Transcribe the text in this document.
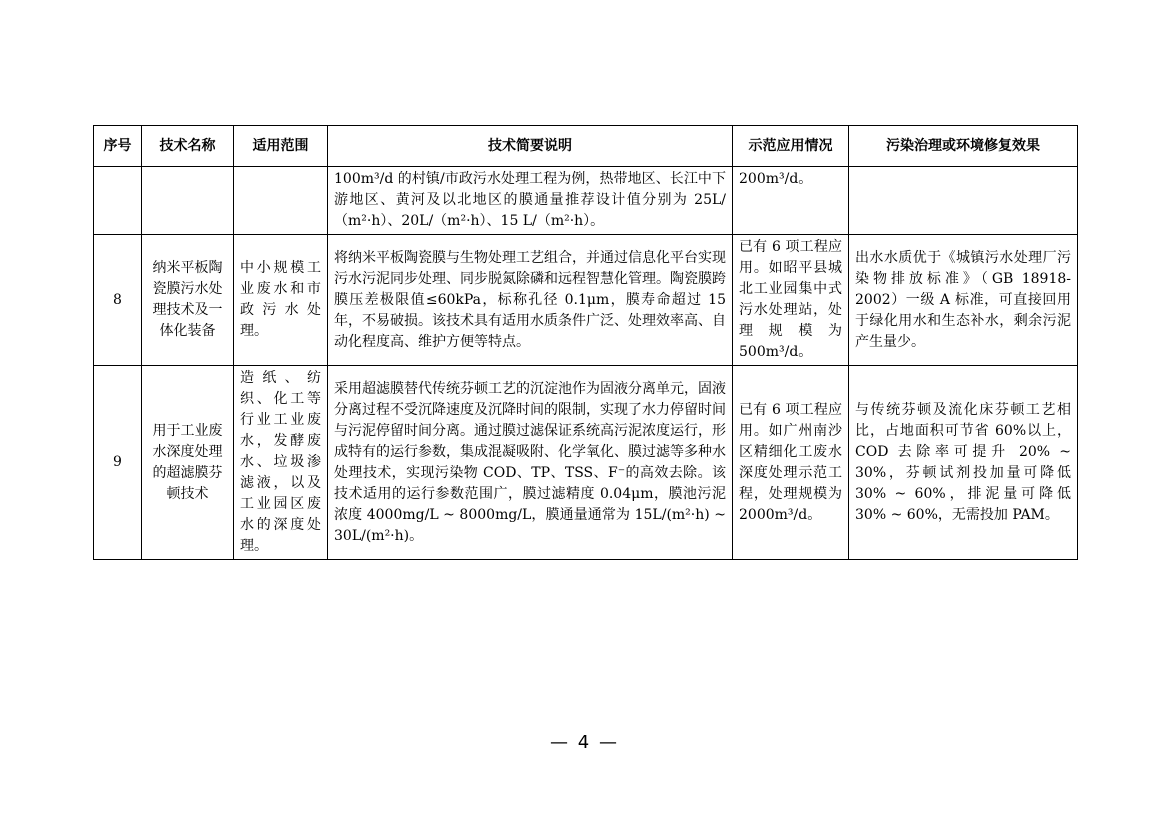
序号	技术名称	适用范围	技术简要说明	示范应用情况	污染治理或环境修复效果
			100m³/d 的村镇/市政污水处理工程为例，热带地区、长江中下游地区、黄河及以北地区的膜通量推荐设计值分别为 25L/（m²·h）、20L/（m²·h）、15 L/（m²·h）。	200m³/d。	
8	纳米平板陶瓷膜污水处理技术及一体化装备	中小规模工业废水和市政污水处理。	将纳米平板陶瓷膜与生物处理工艺组合，并通过信息化平台实现污水污泥同步处理、同步脱氮除磷和远程智慧化管理。陶瓷膜跨膜压差极限值≤60kPa，标称孔径 0.1μm，膜寿命超过 15 年，不易破损。该技术具有适用水质条件广泛、处理效率高、自动化程度高、维护方便等特点。	已有 6 项工程应用。如昭平县城北工业园集中式污水处理站，处理规模为 500m³/d。	出水水质优于《城镇污水处理厂污染物排放标准》（GB 18918-2002）一级 A 标准，可直接回用于绿化用水和生态补水，剩余污泥产生量少。
9	用于工业废水深度处理的超滤膜芬顿技术	造纸、纺织、化工等行业工业废水，发酵废水、垃圾渗滤液，以及工业园区废水的深度处理。	采用超滤膜替代传统芬顿工艺的沉淀池作为固液分离单元，固液分离过程不受沉降速度及沉降时间的限制，实现了水力停留时间与污泥停留时间分离。通过膜过滤保证系统高污泥浓度运行，形成特有的运行参数，集成混凝吸附、化学氧化、膜过滤等多种水处理技术，实现污染物 COD、TP、TSS、F⁻的高效去除。该技术适用的运行参数范围广，膜过滤精度 0.04μm，膜池污泥浓度 4000mg/L ~ 8000mg/L，膜通量通常为 15L/(m²·h) ~ 30L/(m²·h)。	已有 6 项工程应用。如广州南沙区精细化工废水深度处理示范工程，处理规模为 2000m³/d。	与传统芬顿及流化床芬顿工艺相比，占地面积可节省 60%以上，COD 去除率可提升 20% ~ 30%，芬顿试剂投加量可降低 30% ~ 60%，排泥量可降低 30% ~ 60%，无需投加 PAM。
— 4 —
